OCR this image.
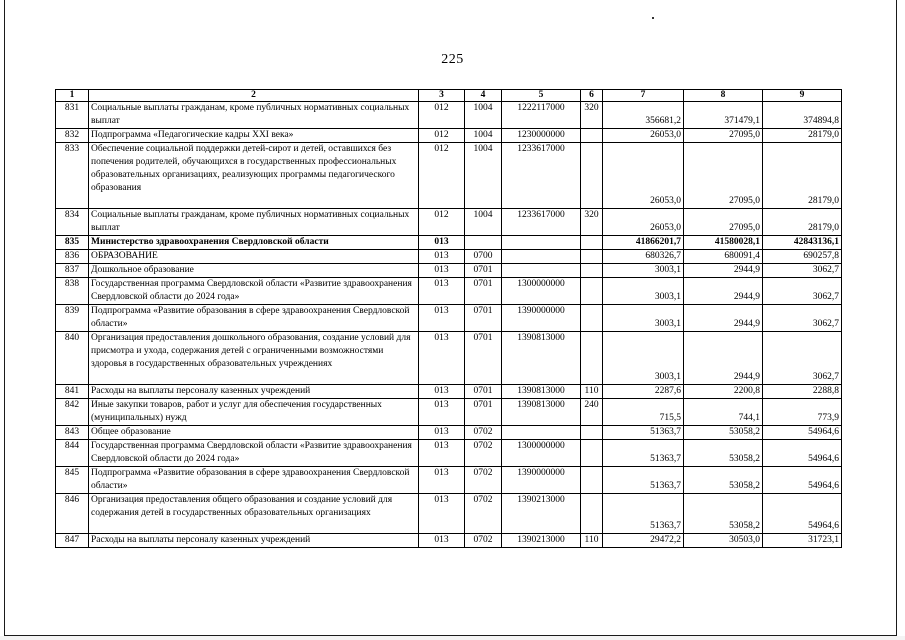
225
1	2	3	4	5	6	7	8	9
831	Социальные выплаты гражданам, кроме публичных нормативных социальных выплат	012	1004	1222117000	320	356681,2	371479,1	374894,8
832	Подпрограмма «Педагогические кадры XXI века»	012	1004	1230000000		26053,0	27095,0	28179,0
833	Обеспечение социальной поддержки детей-сирот и детей, оставшихся без попечения родителей, обучающихся в государственных профессиональных образовательных организациях, реализующих программы педагогического образования	012	1004	1233617000		26053,0	27095,0	28179,0
834	Социальные выплаты гражданам, кроме публичных нормативных социальных выплат	012	1004	1233617000	320	26053,0	27095,0	28179,0
835	Министерство здравоохранения Свердловской области	013				41866201,7	41580028,1	42843136,1
836	ОБРАЗОВАНИЕ	013	0700			680326,7	680091,4	690257,8
837	Дошкольное образование	013	0701			3003,1	2944,9	3062,7
838	Государственная программа Свердловской области «Развитие здравоохранения Свердловской области до 2024 года»	013	0701	1300000000		3003,1	2944,9	3062,7
839	Подпрограмма «Развитие образования в сфере здравоохранения Свердловской области»	013	0701	1390000000		3003,1	2944,9	3062,7
840	Организация предоставления дошкольного образования, создание условий для присмотра и ухода, содержания детей с ограниченными возможностями здоровья в государственных образовательных учреждениях	013	0701	1390813000		3003,1	2944,9	3062,7
841	Расходы на выплаты персоналу казенных учреждений	013	0701	1390813000	110	2287,6	2200,8	2288,8
842	Иные закупки товаров, работ и услуг для обеспечения государственных (муниципальных) нужд	013	0701	1390813000	240	715,5	744,1	773,9
843	Общее образование	013	0702			51363,7	53058,2	54964,6
844	Государственная программа Свердловской области «Развитие здравоохранения Свердловской области до 2024 года»	013	0702	1300000000		51363,7	53058,2	54964,6
845	Подпрограмма «Развитие образования в сфере здравоохранения Свердловской области»	013	0702	1390000000		51363,7	53058,2	54964,6
846	Организация предоставления общего образования и создание условий для содержания детей в государственных образовательных организациях	013	0702	1390213000		51363,7	53058,2	54964,6
847	Расходы на выплаты персоналу казенных учреждений	013	0702	1390213000	110	29472,2	30503,0	31723,1
